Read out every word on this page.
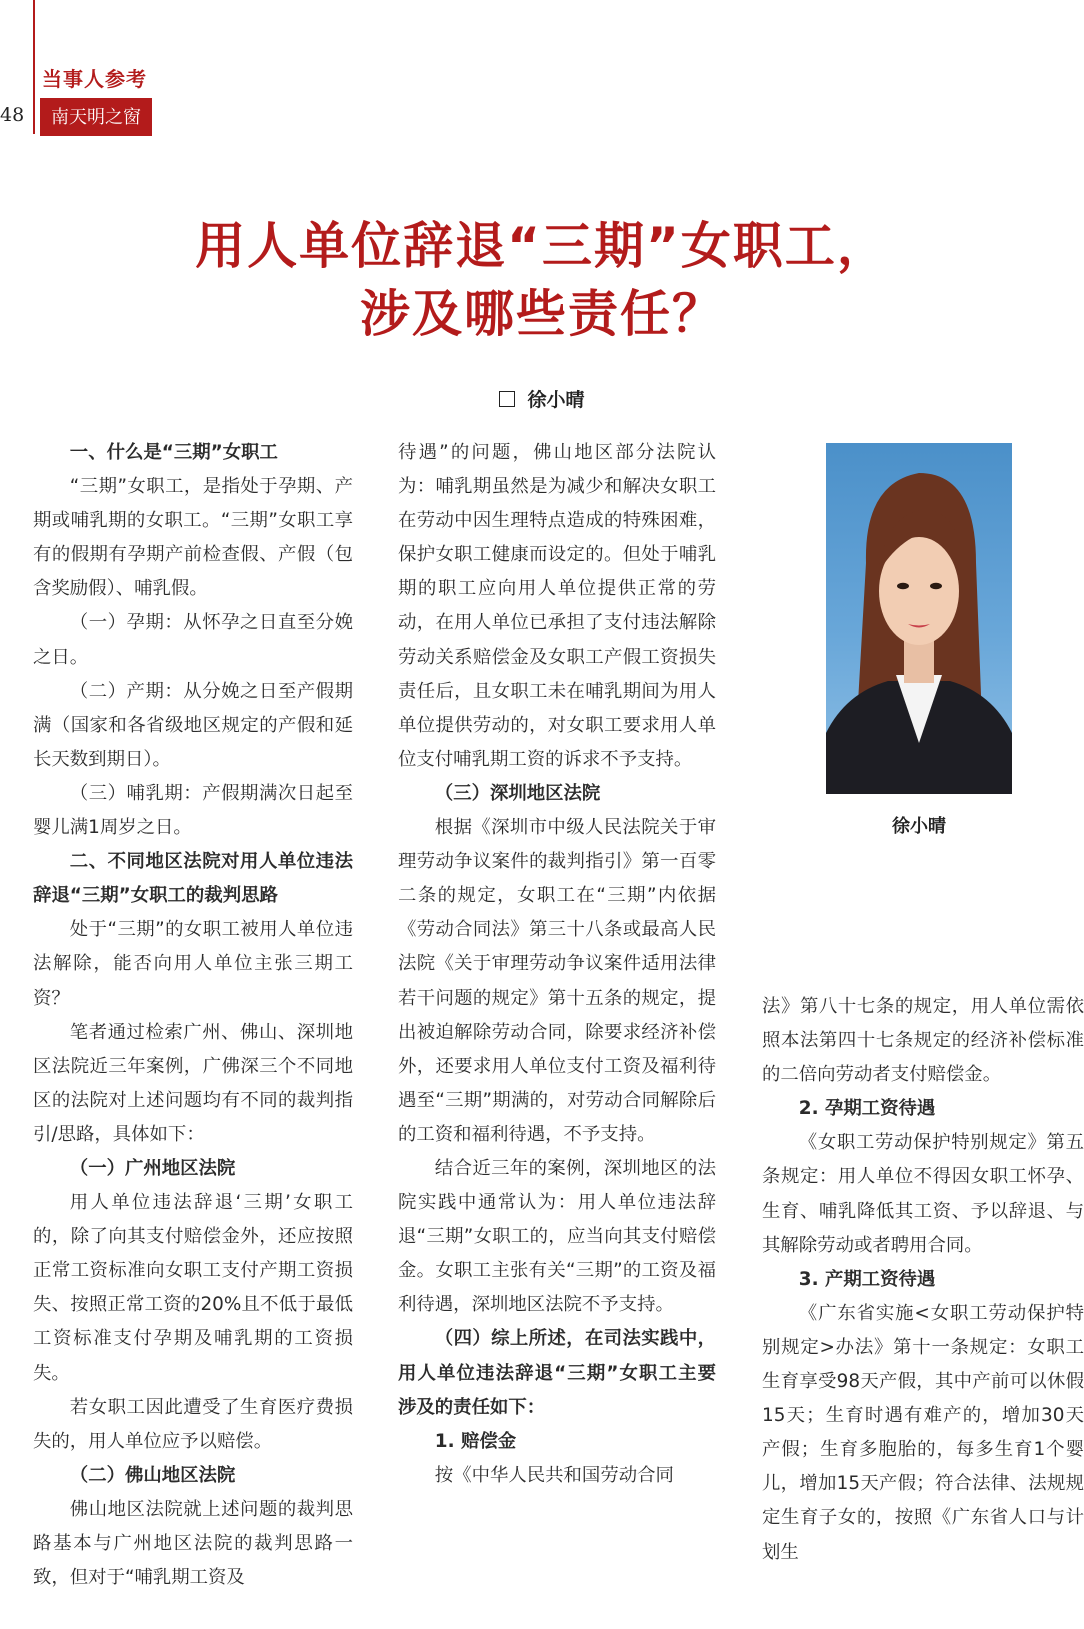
48
当事人参考
南天明之窗
用人单位辞退“三期”女职工，
涉及哪些责任？
徐小晴

一、什么是“三期”女职工

“三期”女职工，是指处于孕期、产期或哺乳期的女职工。“三期”女职工享有的假期有孕期产前检查假、产假（包含奖励假）、哺乳假。

（一）孕期：从怀孕之日直至分娩之日。

（二）产期：从分娩之日至产假期满（国家和各省级地区规定的产假和延长天数到期日）。

（三）哺乳期：产假期满次日起至婴儿满1周岁之日。

二、不同地区法院对用人单位违法辞退“三期”女职工的裁判思路

处于“三期”的女职工被用人单位违法解除，能否向用人单位主张三期工资？

笔者通过检索广州、佛山、深圳地区法院近三年案例，广佛深三个不同地区的法院对上述问题均有不同的裁判指引/思路，具体如下：

（一）广州地区法院

用人单位违法辞退‘三期’女职工的，除了向其支付赔偿金外，还应按照正常工资标准向女职工支付产期工资损失、按照正常工资的20%且不低于最低工资标准支付孕期及哺乳期的工资损失。

若女职工因此遭受了生育医疗费损失的，用人单位应予以赔偿。

（二）佛山地区法院

佛山地区法院就上述问题的裁判思路基本与广州地区法院的裁判思路一致，但对于“哺乳期工资及

待遇”的问题，佛山地区部分法院认为：哺乳期虽然是为减少和解决女职工在劳动中因生理特点造成的特殊困难，保护女职工健康而设定的。但处于哺乳期的职工应向用人单位提供正常的劳动，在用人单位已承担了支付违法解除劳动关系赔偿金及女职工产假工资损失责任后，且女职工未在哺乳期间为用人单位提供劳动的，对女职工要求用人单位支付哺乳期工资的诉求不予支持。

（三）深圳地区法院

根据《深圳市中级人民法院关于审理劳动争议案件的裁判指引》第一百零二条的规定，女职工在“三期”内依据《劳动合同法》第三十八条或最高人民法院《关于审理劳动争议案件适用法律若干问题的规定》第十五条的规定，提出被迫解除劳动合同，除要求经济补偿外，还要求用人单位支付工资及福利待遇至“三期”期满的，对劳动合同解除后的工资和福利待遇，不予支持。

结合近三年的案例，深圳地区的法院实践中通常认为：用人单位违法辞退“三期”女职工的，应当向其支付赔偿金。女职工主张有关“三期”的工资及福利待遇，深圳地区法院不予支持。

（四）综上所述，在司法实践中，用人单位违法辞退“三期”女职工主要涉及的责任如下：

1. 赔偿金

按《中华人民共和国劳动合同

徐小晴

法》第八十七条的规定，用人单位需依照本法第四十七条规定的经济补偿标准的二倍向劳动者支付赔偿金。

2. 孕期工资待遇

《女职工劳动保护特别规定》第五条规定：用人单位不得因女职工怀孕、生育、哺乳降低其工资、予以辞退、与其解除劳动或者聘用合同。

3. 产期工资待遇

《广东省实施<女职工劳动保护特别规定>办法》第十一条规定：女职工生育享受98天产假，其中产前可以休假15天；生育时遇有难产的，增加30天产假；生育多胞胎的，每多生育1个婴儿，增加15天产假；符合法律、法规规定生育子女的，按照《广东省人口与计划生
